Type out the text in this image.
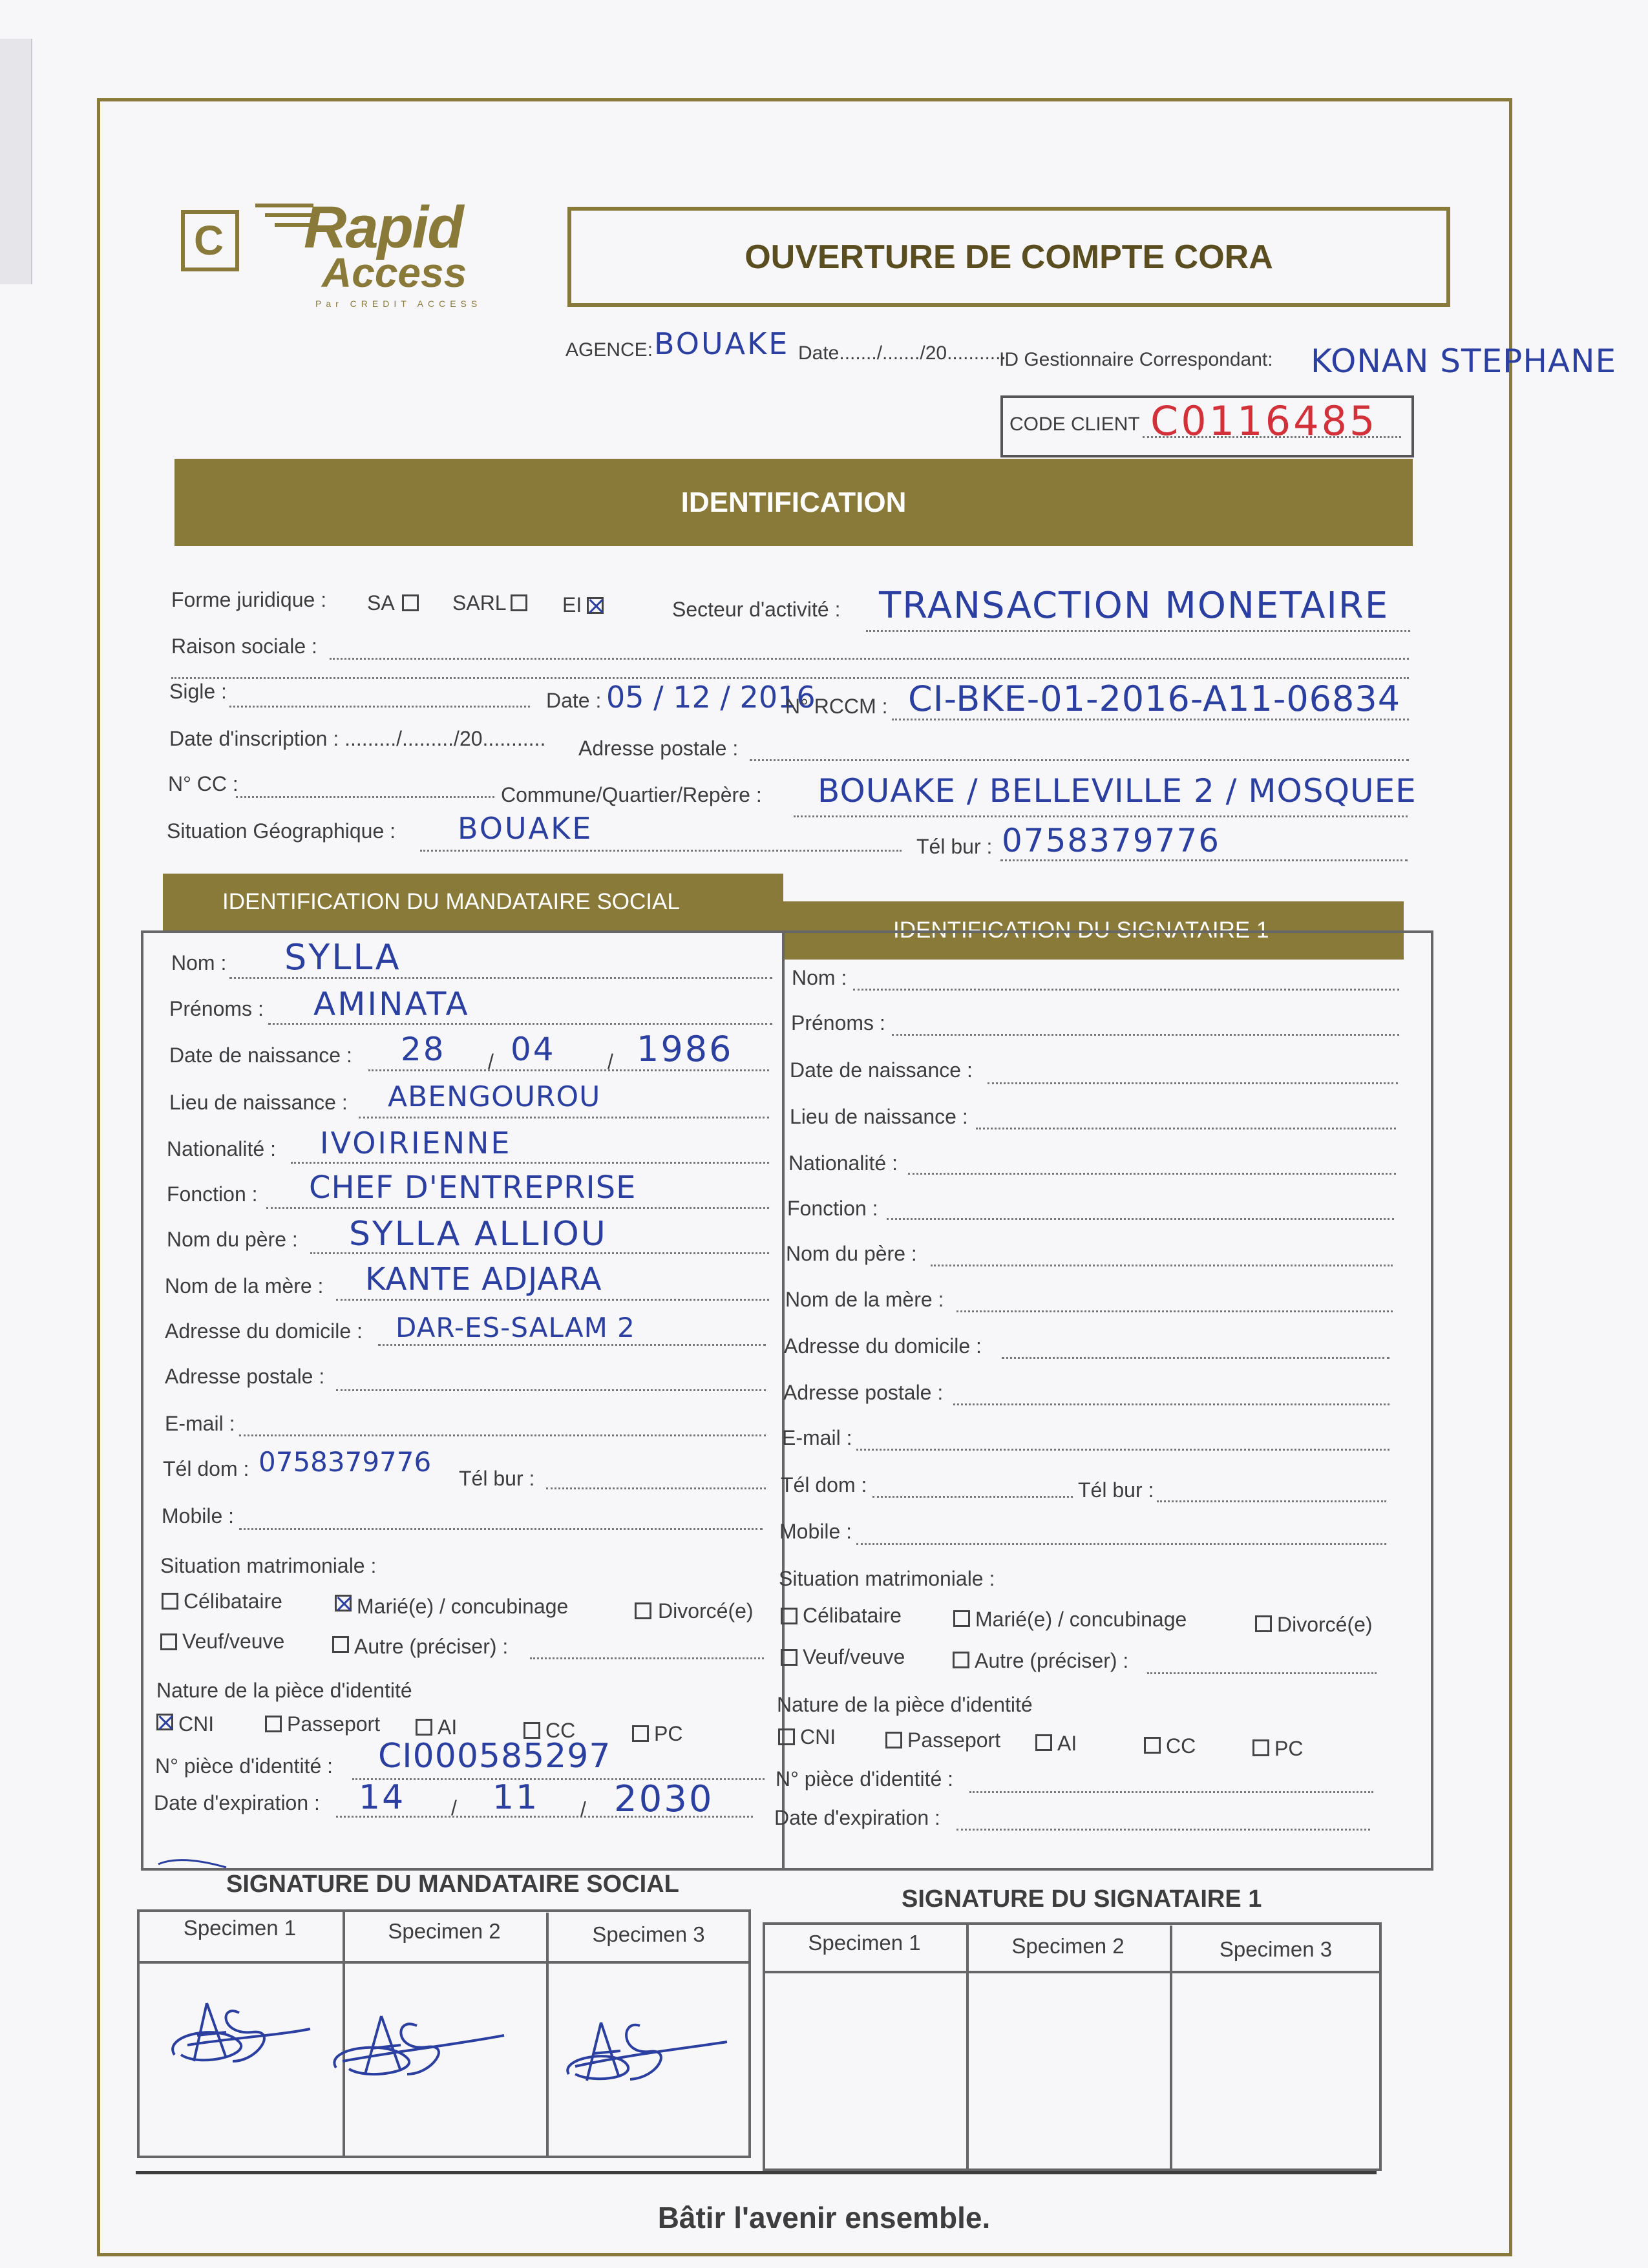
C Rapid
Access
Par CREDIT ACCESS
OUVERTURE DE COMPTE CORA
AGENCE: BOUAKE Date......./......./20...........
ID Gestionnaire Correspondant: KONAN STEPHANE
CODE CLIENT C0116485
IDENTIFICATION
Forme juridique : SA	SARL	EI	Secteur d'activité : TRANSACTION MONETAIRE
Raison sociale :
Sigle :	Date : 05 / 12 / 2016
N° RCCM : CI-BKE-01-2016-A11-06834
Date d'inscription : ........./........./20........... Adresse postale :
N° CC :	Commune/Quartier/Repère : BOUAKE / BELLEVILLE 2 / MOSQUEE
Situation Géographique : BOUAKE
Tél bur : 0758379776
IDENTIFICATION DU MANDATAIRE SOCIAL
IDENTIFICATION DU SIGNATAIRE 1
Nom : SYLLA
Prénoms : AMINATA
Date de naissance : 28 / 04	/ 1986
Lieu de naissance : ABENGOUROU
Nationalité : IVOIRIENNE
Fonction : CHEF D'ENTREPRISE
Nom du père : SYLLA ALLIOU
Nom de la mère : KANTE ADJARA
Adresse du domicile : DAR-ES-SALAM 2
Adresse postale :
E-mail :
Tél dom : 0758379776
Tél bur :
Mobile :
Situation matrimoniale :
Célibataire	Marié(e) / concubinage	Divorcé(e)
Veuf/veuve	Autre (préciser) :
Nature de la pièce d'identité
CNI	Passeport	AI	CC	PC
N° pièce d'identité : CI000585297
Date d'expiration : 14 / 11 / 2030
Nom :
Prénoms :
Date de naissance :
Lieu de naissance :
Nationalité :
Fonction :
Nom du père :
Nom de la mère :
Adresse du domicile :
Adresse postale :
E-mail :
Tél dom :	Tél bur :
Mobile :
Situation matrimoniale :
Célibataire	Marié(e) / concubinage	Divorcé(e)
Veuf/veuve	Autre (préciser) :
Nature de la pièce d'identité
CNI	Passeport	AI	CC	PC
N° pièce d'identité :
Date d'expiration :
SIGNATURE DU MANDATAIRE SOCIAL
SIGNATURE DU SIGNATAIRE 1
Specimen 1	Specimen 2	Specimen 3	Specimen 1	Specimen 2	Specimen 3
Bâtir l'avenir ensemble.
